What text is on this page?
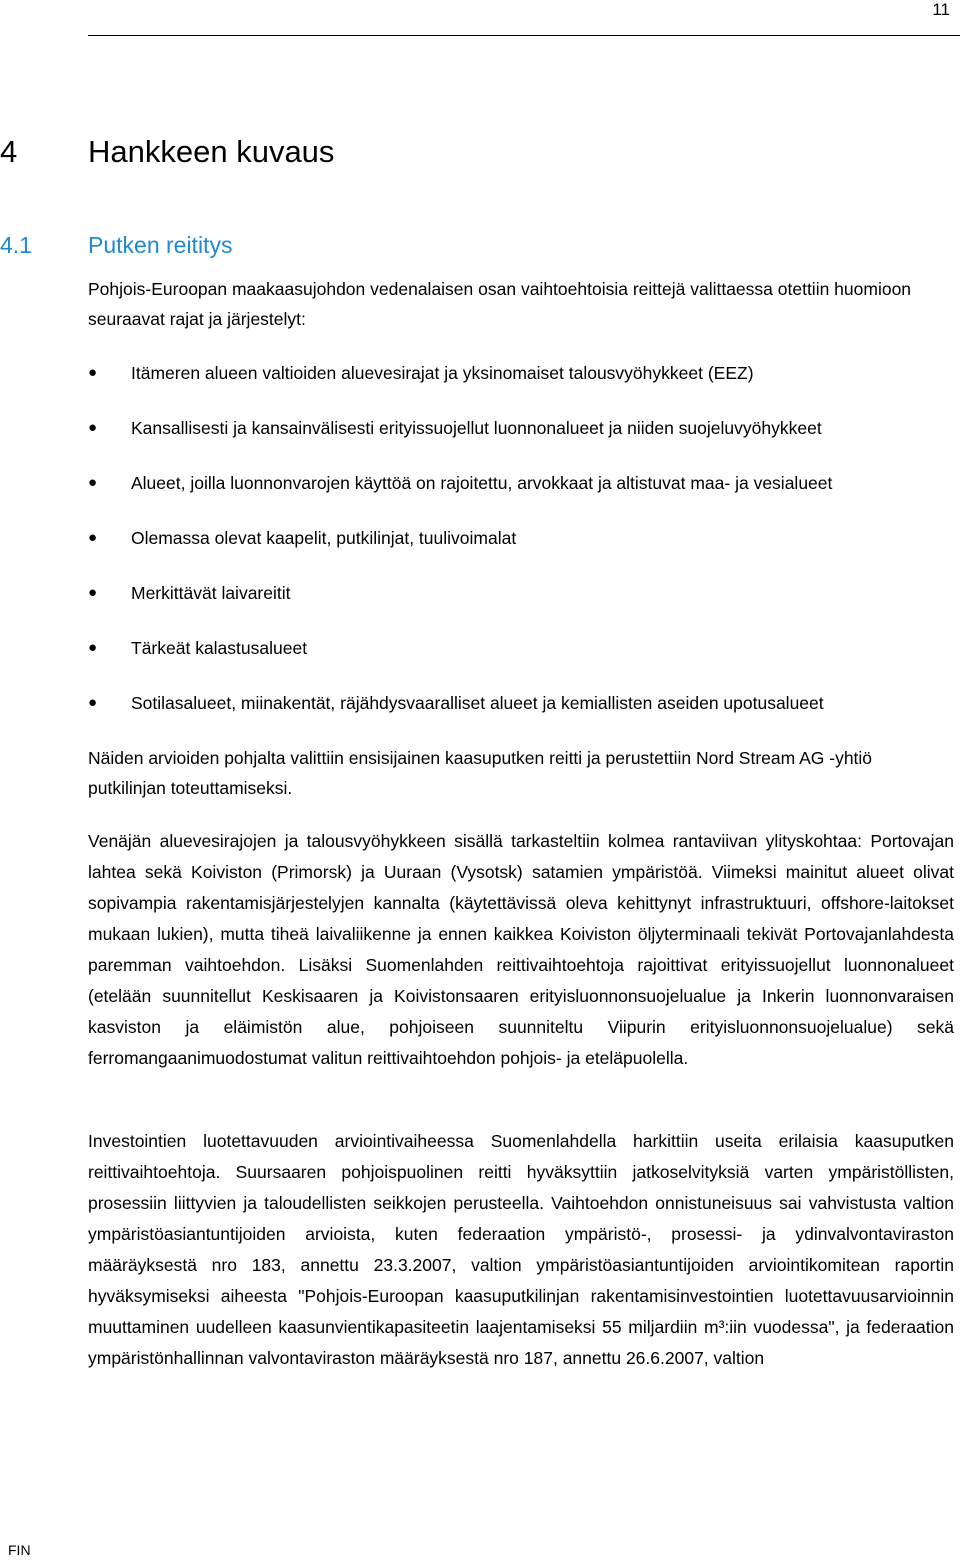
11
4 Hankkeen kuvaus
4.1 Putken reititys

Pohjois-Euroopan maakaasujohdon vedenalaisen osan vaihtoehtoisia reittejä valittaessa otettiin huomioon seuraavat rajat ja järjestelyt:

● Itämeren alueen valtioiden aluevesirajat ja yksinomaiset talousvyöhykkeet (EEZ)
● Kansallisesti ja kansainvälisesti erityissuojellut luonnonalueet ja niiden suojeluvyöhykkeet
● Alueet, joilla luonnonvarojen käyttöä on rajoitettu, arvokkaat ja altistuvat maa- ja vesialueet
● Olemassa olevat kaapelit, putkilinjat, tuulivoimalat
● Merkittävät laivareitit
● Tärkeät kalastusalueet
● Sotilasalueet, miinakentät, räjähdysvaaralliset alueet ja kemiallisten aseiden upotusalueet

Näiden arvioiden pohjalta valittiin ensisijainen kaasuputken reitti ja perustettiin Nord Stream AG -yhtiö putkilinjan toteuttamiseksi.

Venäjän aluevesirajojen ja talousvyöhykkeen sisällä tarkasteltiin kolmea rantaviivan ylityskohtaa: Portovajan lahtea sekä Koiviston (Primorsk) ja Uuraan (Vysotsk) satamien ympäristöä. Viimeksi mainitut alueet olivat sopivampia rakentamisjärjestelyjen kannalta (käytettävissä oleva kehittynyt infrastruktuuri, offshore-laitokset mukaan lukien), mutta tiheä laivaliikenne ja ennen kaikkea Koiviston öljyterminaali tekivät Portovajanlahdesta paremman vaihtoehdon. Lisäksi Suomenlahden reittivaihtoehtoja rajoittivat erityissuojellut luonnonalueet (etelään suunnitellut Keskisaaren ja Koivistonsaaren erityisluonnonsuojelualue ja Inkerin luonnonvaraisen kasviston ja eläimistön alue, pohjoiseen suunniteltu Viipurin erityisluonnonsuojelualue) sekä ferromangaanimuodostumat valitun reittivaihtoehdon pohjois- ja eteläpuolella.

Investointien luotettavuuden arviointivaiheessa Suomenlahdella harkittiin useita erilaisia kaasuputken reittivaihtoehtoja. Suursaaren pohjoispuolinen reitti hyväksyttiin jatkoselvityksiä varten ympäristöllisten, prosessiin liittyvien ja taloudellisten seikkojen perusteella. Vaihtoehdon onnistuneisuus sai vahvistusta valtion ympäristöasiantuntijoiden arvioista, kuten federaation ympäristö-, prosessi- ja ydinvalvontaviraston määräyksestä nro 183, annettu 23.3.2007, valtion ympäristöasiantuntijoiden arviointikomitean raportin hyväksymiseksi aiheesta "Pohjois-Euroopan kaasuputkilinjan rakentamisinvestointien luotettavuusarvioinnin muuttaminen uudelleen kaasunvientikapasiteetin laajentamiseksi 55 miljardiin m³:iin vuodessa", ja federaation ympäristönhallinnan valvontaviraston määräyksestä nro 187, annettu 26.6.2007, valtion

FIN
